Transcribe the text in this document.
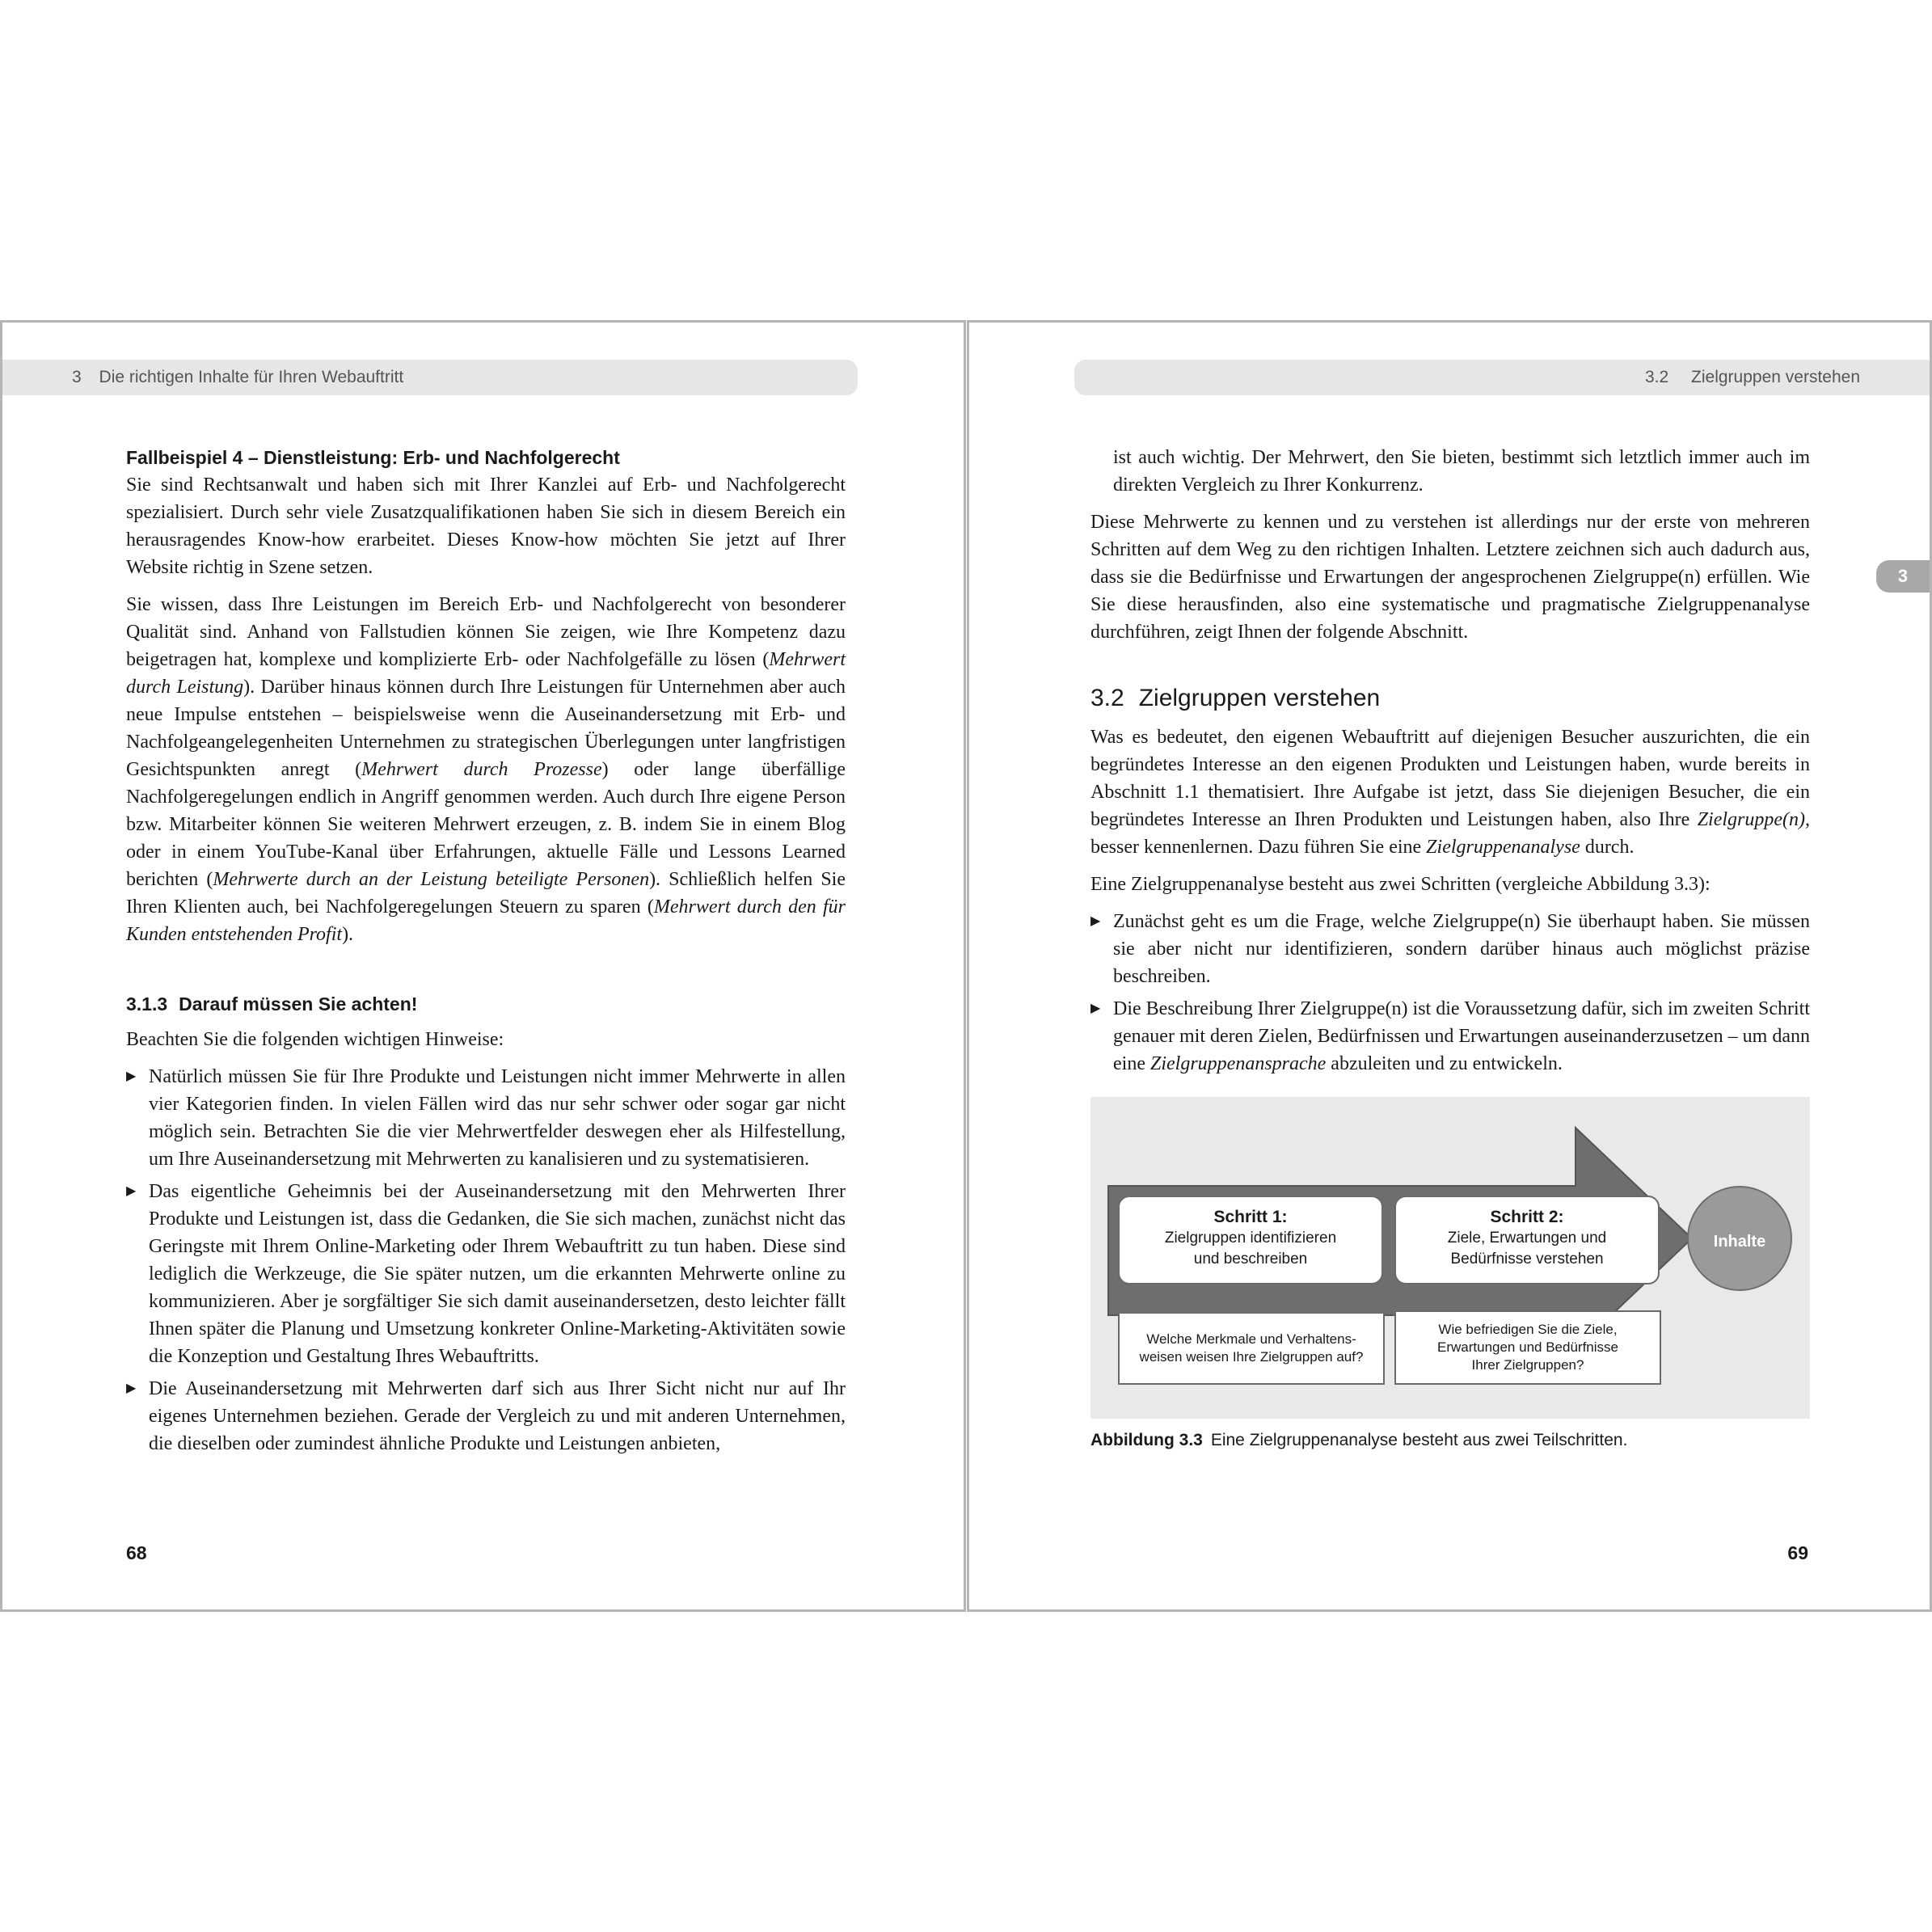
3 Die richtigen Inhalte für Ihren Webauftritt
Fallbeispiel 4 – Dienstleistung: Erb- und Nachfolgerecht

Sie sind Rechtsanwalt und haben sich mit Ihrer Kanzlei auf Erb- und Nachfolgerecht spezialisiert. Durch sehr viele Zusatzqualifikationen haben Sie sich in diesem Bereich ein herausragendes Know-how erarbeitet. Dieses Know-how möchten Sie jetzt auf Ihrer Website richtig in Szene setzen.

Sie wissen, dass Ihre Leistungen im Bereich Erb- und Nachfolgerecht von besonderer Qualität sind. Anhand von Fallstudien können Sie zeigen, wie Ihre Kompetenz dazu beigetragen hat, komplexe und komplizierte Erb- oder Nachfolgefälle zu lösen (Mehrwert durch Leistung). Darüber hinaus können durch Ihre Leistungen für Unternehmen aber auch neue Impulse entstehen – beispielsweise wenn die Auseinandersetzung mit Erb- und Nachfolgeangelegenheiten Unternehmen zu strategischen Überlegungen unter langfristigen Gesichtspunkten anregt (Mehrwert durch Prozesse) oder lange überfällige Nachfolgeregelungen endlich in Angriff genommen werden. Auch durch Ihre eigene Person bzw. Mitarbeiter können Sie weiteren Mehrwert erzeugen, z. B. indem Sie in einem Blog oder in einem YouTube-Kanal über Erfahrungen, aktuelle Fälle und Lessons Learned berichten (Mehrwerte durch an der Leistung beteiligte Personen). Schließlich helfen Sie Ihren Klienten auch, bei Nachfolgeregelungen Steuern zu sparen (Mehrwert durch den für Kunden entstehenden Profit).

3.1.3 Darauf müssen Sie achten!

Beachten Sie die folgenden wichtigen Hinweise:

▶ Natürlich müssen Sie für Ihre Produkte und Leistungen nicht immer Mehrwerte in allen vier Kategorien finden. In vielen Fällen wird das nur sehr schwer oder sogar gar nicht möglich sein. Betrachten Sie die vier Mehrwertfelder deswegen eher als Hilfestellung, um Ihre Auseinandersetzung mit Mehrwerten zu kanalisieren und zu systematisieren.
▶ Das eigentliche Geheimnis bei der Auseinandersetzung mit den Mehrwerten Ihrer Produkte und Leistungen ist, dass die Gedanken, die Sie sich machen, zunächst nicht das Geringste mit Ihrem Online-Marketing oder Ihrem Webauftritt zu tun haben. Diese sind lediglich die Werkzeuge, die Sie später nutzen, um die erkannten Mehrwerte online zu kommunizieren. Aber je sorgfältiger Sie sich damit auseinandersetzen, desto leichter fällt Ihnen später die Planung und Umsetzung konkreter Online-Marketing-Aktivitäten sowie die Konzeption und Gestaltung Ihres Webauftritts.
▶ Die Auseinandersetzung mit Mehrwerten darf sich aus Ihrer Sicht nicht nur auf Ihr eigenes Unternehmen beziehen. Gerade der Vergleich zu und mit anderen Unternehmen, die dieselben oder zumindest ähnliche Produkte und Leistungen anbieten,
68
3.2 Zielgruppen verstehen
3

ist auch wichtig. Der Mehrwert, den Sie bieten, bestimmt sich letztlich immer auch im direkten Vergleich zu Ihrer Konkurrenz.

Diese Mehrwerte zu kennen und zu verstehen ist allerdings nur der erste von mehreren Schritten auf dem Weg zu den richtigen Inhalten. Letztere zeichnen sich auch dadurch aus, dass sie die Bedürfnisse und Erwartungen der angesprochenen Zielgruppe(n) erfüllen. Wie Sie diese herausfinden, also eine systematische und pragmatische Zielgruppenanalyse durchführen, zeigt Ihnen der folgende Abschnitt.

3.2 Zielgruppen verstehen

Was es bedeutet, den eigenen Webauftritt auf diejenigen Besucher auszurichten, die ein begründetes Interesse an den eigenen Produkten und Leistungen haben, wurde bereits in Abschnitt 1.1 thematisiert. Ihre Aufgabe ist jetzt, dass Sie diejenigen Besucher, die ein begründetes Interesse an Ihren Produkten und Leistungen haben, also Ihre Zielgruppe(n), besser kennenlernen. Dazu führen Sie eine Zielgruppenanalyse durch.

Eine Zielgruppenanalyse besteht aus zwei Schritten (vergleiche Abbildung 3.3):

▶ Zunächst geht es um die Frage, welche Zielgruppe(n) Sie überhaupt haben. Sie müssen sie aber nicht nur identifizieren, sondern darüber hinaus auch möglichst präzise beschreiben.
▶ Die Beschreibung Ihrer Zielgruppe(n) ist die Voraussetzung dafür, sich im zweiten Schritt genauer mit deren Zielen, Bedürfnissen und Erwartungen auseinanderzusetzen – um dann eine Zielgruppenansprache abzuleiten und zu entwickeln.
Schritt 1:
Zielgruppen identifizieren
und beschreiben
Schritt 2:
Ziele, Erwartungen und
Bedürfnisse verstehen
Inhalte
Welche Merkmale und Verhaltens-
weisen weisen Ihre Zielgruppen auf?
Wie befriedigen Sie die Ziele,
Erwartungen und Bedürfnisse
Ihrer Zielgruppen?
Abbildung 3.3 Eine Zielgruppenanalyse besteht aus zwei Teilschritten.
69
